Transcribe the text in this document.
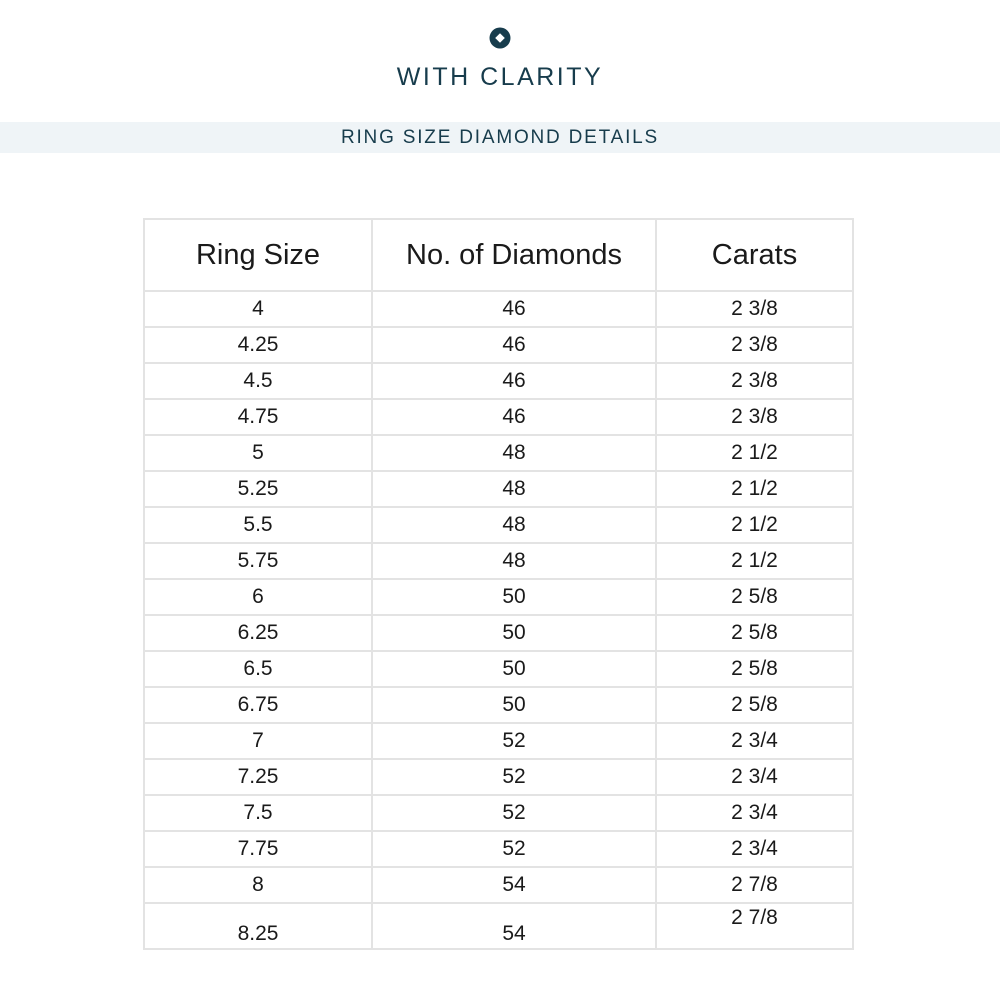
WITH CLARITY
RING SIZE DIAMOND DETAILS
Ring Size	No. of Diamonds	Carats
4	46	2 3/8
4.25	46	2 3/8
4.5	46	2 3/8
4.75	46	2 3/8
5	48	2 1/2
5.25	48	2 1/2
5.5	48	2 1/2
5.75	48	2 1/2
6	50	2 5/8
6.25	50	2 5/8
6.5	50	2 5/8
6.75	50	2 5/8
7	52	2 3/4
7.25	52	2 3/4
7.5	52	2 3/4
7.75	52	2 3/4
8	54	2 7/8
8.25	54	2 7/8
